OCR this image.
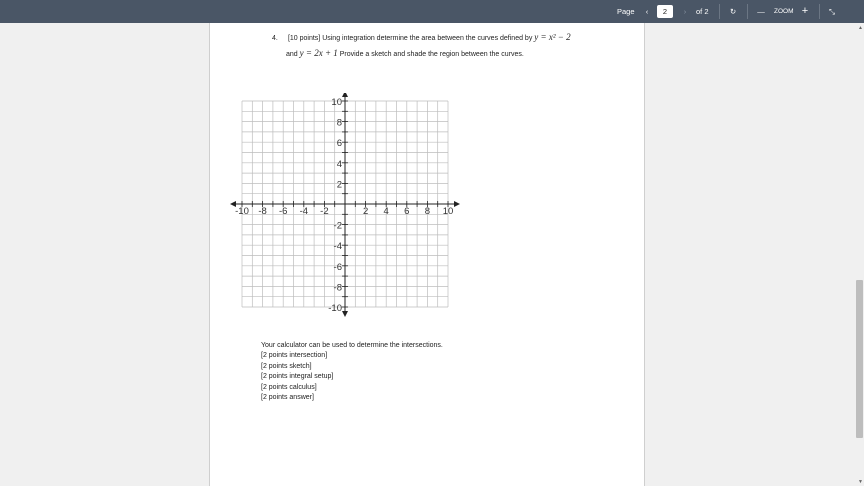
Page	‹	2	›	of 2	↻	— ZOOM +	⤡
4. [10 points] Using integration determine the area between the curves defined by y = x² − 2
and y = 2x + 1 Provide a sketch and shade the region between the curves.
-10 -8 -6 -4 -2	2 4 6 8 10
10
8
6
4
2
-2
-4
-6
-8
-10
Your calculator can be used to determine the intersections.
[2 points intersection]
[2 points sketch]
[2 points integral setup]
[2 points calculus]
[2 points answer]
▲
▼
